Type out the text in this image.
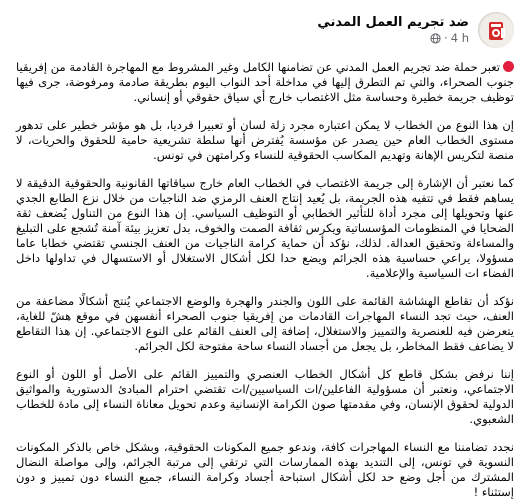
ضد تجريم العمل المدني
4 h
·

تعبر حملة ضد تجريم العمل المدني عن تضامنها الكامل وغير المشروط مع المهاجرة القادمة من إفريقيا جنوب الصحراء، والتي تم التطرق إليها في مداخلة أحد النواب اليوم بطريقة صادمة ومرفوضة، جرى فيها توظيف جريمة خطيرة وحساسة مثل الاغتصاب خارج أي سياق حقوقي أو إنساني.

إن هذا النوع من الخطاب لا يمكن اعتباره مجرد زلة لسان أو تعبيرا فرديا، بل هو مؤشر خطير على تدهور مستوى الخطاب العام حين يصدر عن مؤسسة يُفترض أنها سلطة تشريعية حامية للحقوق والحريات، لا منصة لتكريس الإهانة وتهديم المكاسب الحقوقية للنساء وكرامتهن في تونس.

كما نعتبر أن الإشارة إلى جريمة الاغتصاب في الخطاب العام خارج سياقاتها القانونية والحقوقية الدقيقة لا يساهم فقط في تتفيه هذه الجريمة، بل يُعيد إنتاج العنف الرمزي ضد الناجيات من خلال نزع الطابع الجدي عنها وتحويلها إلى مجرد أداة للتأثير الخطابي أو التوظيف السياسي. إن هذا النوع من التناول يُضعف ثقة الضحايا في المنظومات المؤسساتية ويكرس ثقافة الصمت والخوف، بدل تعزيز بيئة آمنة تُشجع على التبليغ والمساءلة وتحقيق العدالة. لذلك، نؤكد أن حماية كرامة الناجيات من العنف الجنسي تقتضي خطابا عاما مسؤولا، يراعي حساسية هذه الجرائم ويضع حدا لكل أشكال الاستغلال أو الاستسهال في تداولها داخل الفضاء ات السياسية والإعلامية.

نؤكد أن تقاطع الهشاشة القائمة على اللون والجندر والهجرة والوضع الاجتماعي يُنتج أشكالًا مضاعفة من العنف، حيث تجد النساء المهاجرات القادمات من إفريقيا جنوب الصحراء أنفسهن في موقع هشّ للغاية، يتعرضن فيه للعنصرية والتمييز والاستغلال، إضافة إلى العنف القائم على النوع الاجتماعي. إن هذا التقاطع لا يضاعف فقط المخاطر، بل يجعل من أجساد النساء ساحة مفتوحة لكل الجرائم.

إننا نرفض بشكل قاطع كل أشكال الخطاب العنصري والتمييز القائم على الأصل أو اللون أو النوع الاجتماعي، ونعتبر أن مسؤولية الفاعلين/ات السياسيين/ات تقتضي احترام المبادئ الدستورية والمواثيق الدولية لحقوق الإنسان، وفي مقدمتها صون الكرامة الإنسانية وعدم تحويل معاناة النساء إلى مادة للخطاب الشعبوي.

نجدد تضامننا مع النساء المهاجرات كافة، وندعو جميع المكونات الحقوقية، وبشكل خاص بالذكر المكونات النسوية في تونس، إلى التنديد بهذه الممارسات التي ترتقي إلى مرتبة الجرائم، وإلى مواصلة النضال المشترك من أجل وضع حد لكل أشكال استباحة أجساد وكرامة النساء، جميع النساء دون تمييز و دون إستثناء !
